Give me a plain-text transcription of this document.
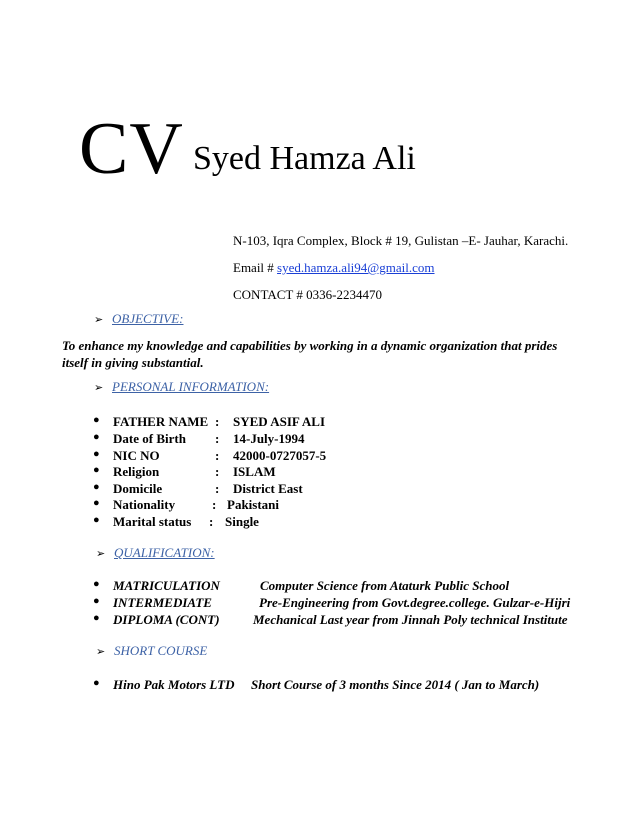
CV Syed Hamza Ali
N-103, Iqra Complex, Block # 19, Gulistan –E- Jauhar, Karachi.
Email # syed.hamza.ali94@gmail.com
CONTACT # 0336-2234470
➢ OBJECTIVE:
To enhance my knowledge and capabilities by working in a dynamic organization that prides itself in giving substantial.
➢ PERSONAL INFORMATION:
● FATHER NAME : SYED ASIF ALI
● Date of Birth : 14-July-1994
● NIC NO	: 42000-0727057-5
● Religion	: ISLAM
● Domicile	: District East
● Nationality	: Pakistani
● Marital status : Single
➢ QUALIFICATION:
● MATRICULATION	Computer Science from Ataturk Public School
● INTERMEDIATE	Pre-Engineering from Govt.degree.college. Gulzar-e-Hijri
● DIPLOMA (CONT)	Mechanical Last year from Jinnah Poly technical Institute
➢ SHORT COURSE
● Hino Pak Motors LTD Short Course of 3 months Since 2014 ( Jan to March)
